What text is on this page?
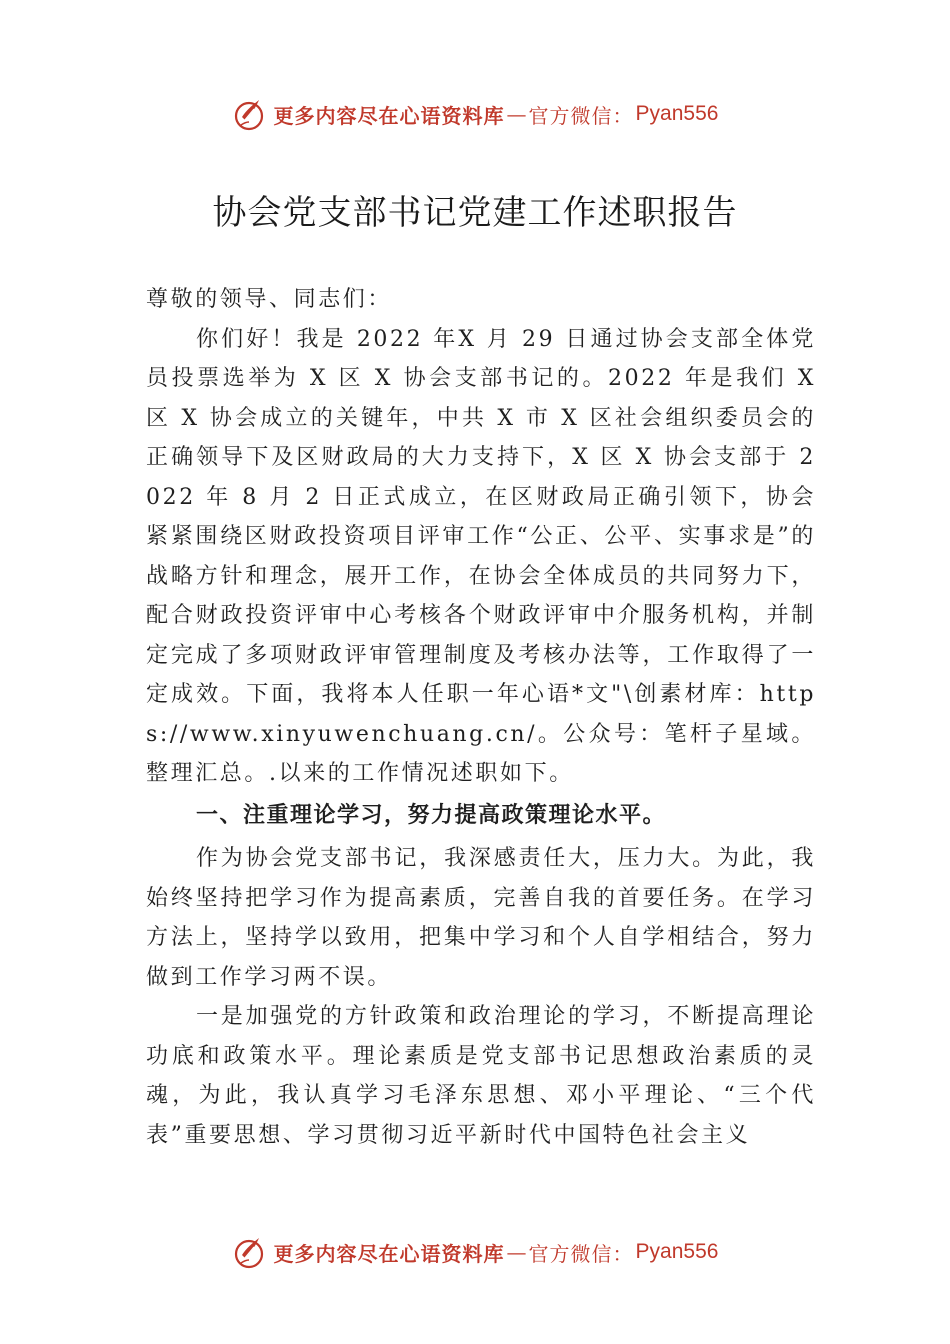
更多内容尽在心语资料库 — 官方微信： Pyan556
协会党支部书记党建工作述职报告

尊敬的领导、同志们：

你们好！我是 2022 年X 月 29 日通过协会支部全体党员投票选举为 X 区 X 协会支部书记的。2022 年是我们 X 区 X 协会成立的关键年，中共 X 市 X 区社会组织委员会的正确领导下及区财政局的大力支持下，X 区 X 协会支部于 2022 年 8 月 2 日正式成立，在区财政局正确引领下，协会紧紧围绕区财政投资项目评审工作“公正、公平、实事求是”的战略方针和理念，展开工作，在协会全体成员的共同努力下， 配合财政投资评审中心考核各个财政评审中介服务机构，并制定完成了多项财政评审管理制度及考核办法等，工作取得了一定成效。下面，我将本人任职一年心语*文"\创素材库：https://www.xinyuwenchuang.cn/。公众号：笔杆子星域。整理汇总。.以来的工作情况述职如下。

一、注重理论学习，努力提高政策理论水平。

作为协会党支部书记，我深感责任大，压力大。为此，我始终坚持把学习作为提高素质，完善自我的首要任务。在学习方法上，坚持学以致用，把集中学习和个人自学相结合，努力做到工作学习两不误。

一是加强党的方针政策和政治理论的学习，不断提高理论功底和政策水平。理论素质是党支部书记思想政治素质的灵魂，为此，我认真学习毛泽东思想、邓小平理论、“三个代表”重要思想、学习贯彻习近平新时代中国特色社会主义

更多内容尽在心语资料库 — 官方微信： Pyan556
